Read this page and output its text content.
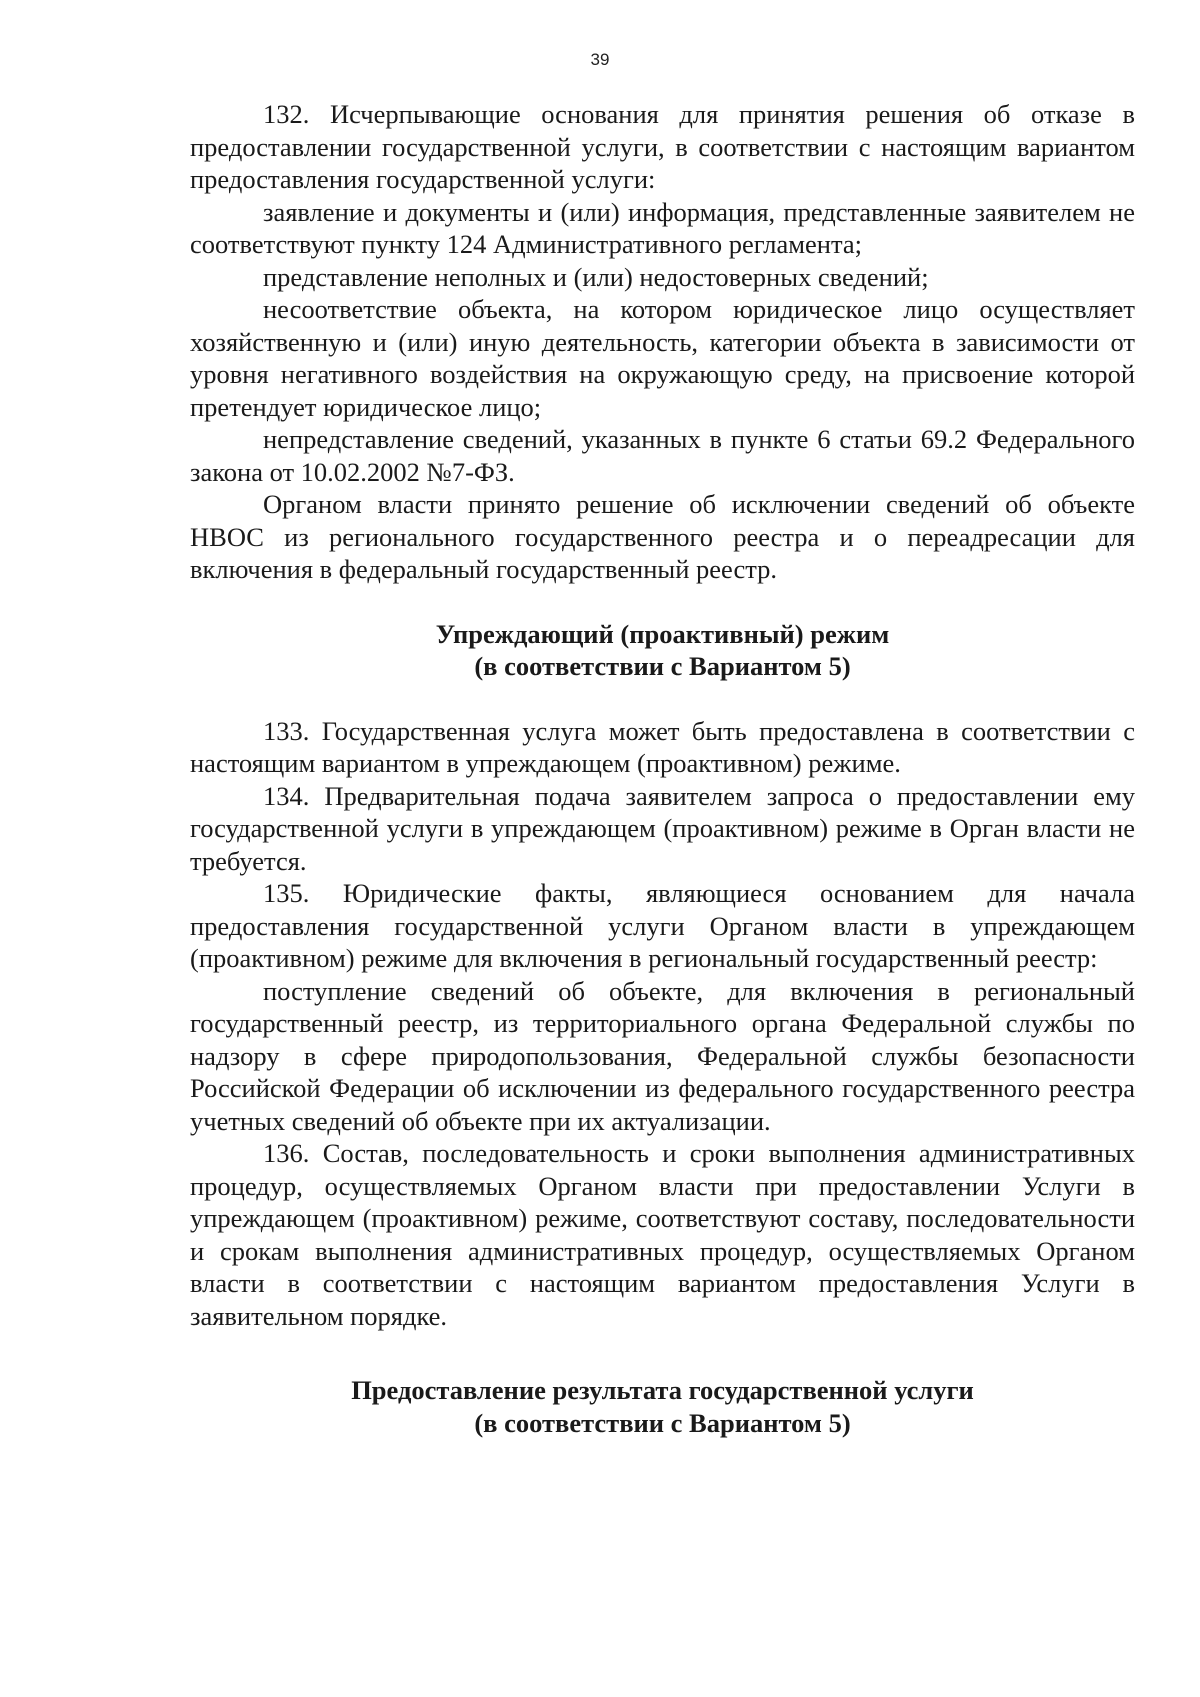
39

132. Исчерпывающие основания для принятия решения об отказе в предоставлении государственной услуги, в соответствии с настоящим вариантом предоставления государственной услуги:

заявление и документы и (или) информация, представленные заявителем не соответствуют пункту 124 Административного регламента;

представление неполных и (или) недостоверных сведений;

несоответствие объекта, на котором юридическое лицо осуществляет хозяйственную и (или) иную деятельность, категории объекта в зависимости от уровня негативного воздействия на окружающую среду, на присвоение которой претендует юридическое лицо;

непредставление сведений, указанных в пункте 6 статьи 69.2 Федерального закона от 10.02.2002 №7-ФЗ.

Органом власти принято решение об исключении сведений об объекте НВОС из регионального государственного реестра и о переадресации для включения в федеральный государственный реестр.

Упреждающий (проактивный) режим
(в соответствии с Вариантом 5)

133. Государственная услуга может быть предоставлена в соответствии с настоящим вариантом в упреждающем (проактивном) режиме.

134. Предварительная подача заявителем запроса о предоставлении ему государственной услуги в упреждающем (проактивном) режиме в Орган власти не требуется.

135. Юридические факты, являющиеся основанием для начала предоставления государственной услуги Органом власти в упреждающем (проактивном) режиме для включения в региональный государственный реестр:

поступление сведений об объекте, для включения в региональный государственный реестр, из территориального органа Федеральной службы по надзору в сфере природопользования, Федеральной службы безопасности Российской Федерации об исключении из федерального государственного реестра учетных сведений об объекте при их актуализации.

136. Состав, последовательность и сроки выполнения административных процедур, осуществляемых Органом власти при предоставлении Услуги в упреждающем (проактивном) режиме, соответствуют составу, последовательности и срокам выполнения административных процедур, осуществляемых Органом власти в соответствии с настоящим вариантом предоставления Услуги в заявительном порядке.

Предоставление результата государственной услуги
(в соответствии с Вариантом 5)
